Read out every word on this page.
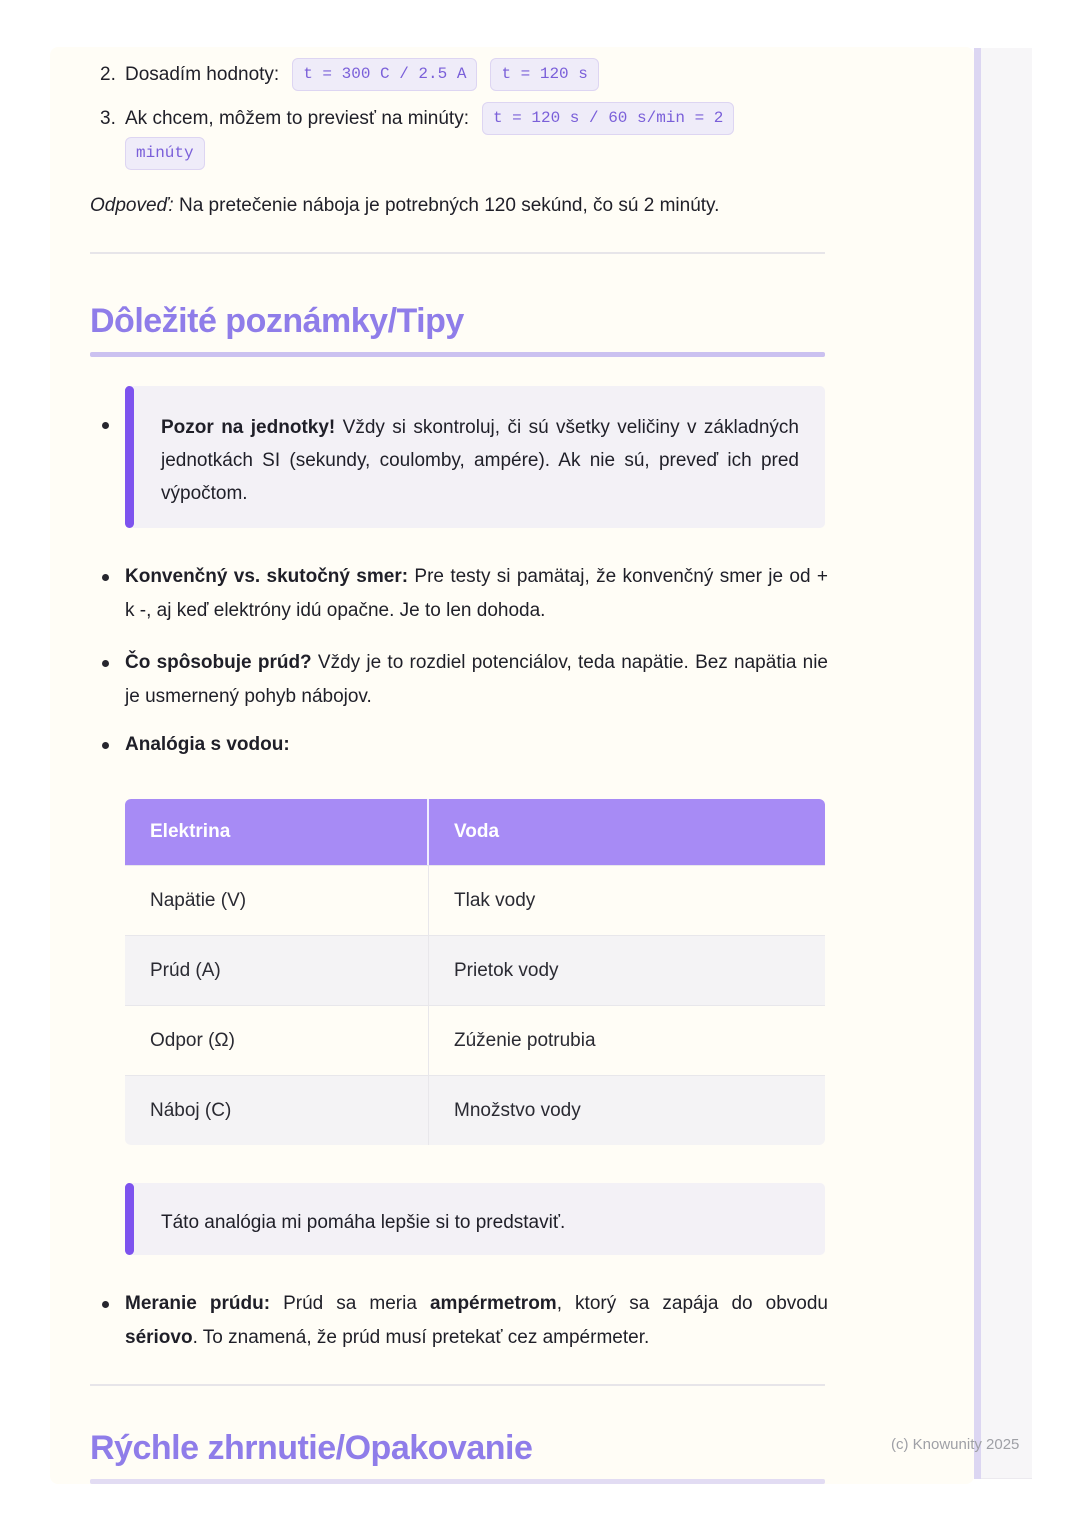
2. Dosadím hodnoty:	t = 300 C / 2.5 A	t = 120 s
3. Ak chcem, môžem to previesť na minúty:	t = 120 s / 60 s/min = 2
minúty
Odpoveď: Na pretečenie náboja je potrebných 120 sekúnd, čo sú 2 minúty.
Dôležité poznámky/Tipy
Pozor na jednotky! Vždy si skontroluj, či sú všetky veličiny v základných jednotkách SI (sekundy, coulomby, ampére). Ak nie sú, preveď ich pred výpočtom.
Konvenčný vs. skutočný smer: Pre testy si pamätaj, že konvenčný smer je od + k -, aj keď elektróny idú opačne. Je to len dohoda.
Čo spôsobuje prúd? Vždy je to rozdiel potenciálov, teda napätie. Bez napätia nie je usmernený pohyb nábojov.
Analógia s vodou:
Elektrina	Voda
Napätie (V)	Tlak vody
Prúd (A)	Prietok vody
Odpor (Ω)	Zúženie potrubia
Náboj (C)	Množstvo vody
Táto analógia mi pomáha lepšie si to predstaviť.
Meranie prúdu: Prúd sa meria ampérmetrom, ktorý sa zapája do obvodu sériovo. To znamená, že prúd musí pretekať cez ampérmeter.
Rýchle zhrnutie/Opakovanie	(c) Knowunity 2025
